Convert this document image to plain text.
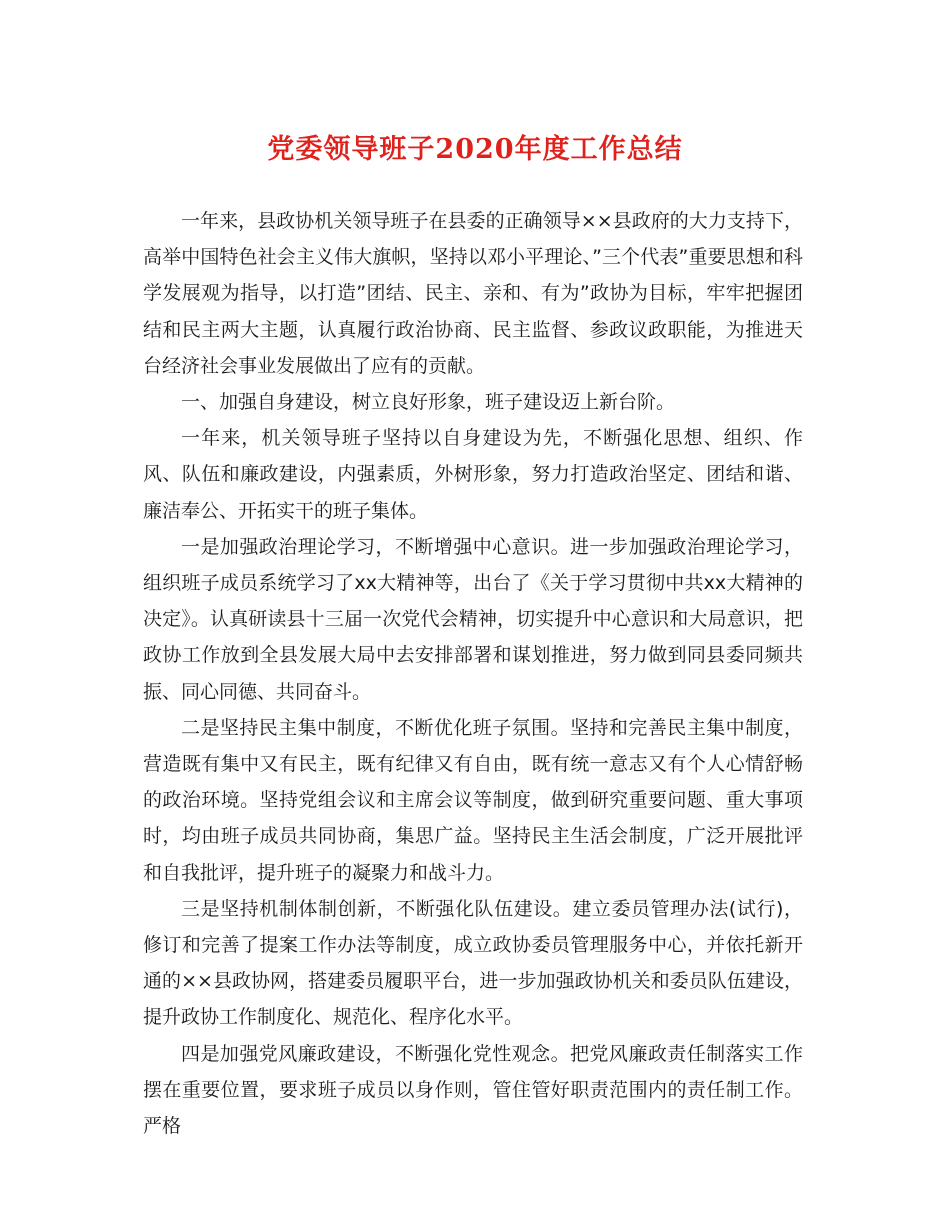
党委领导班子2020年度工作总结

一年来，县政协机关领导班子在县委的正确领导××县政府的大力支持下，高举中国特色社会主义伟大旗帜，坚持以邓小平理论、”三个代表”重要思想和科学发展观为指导，以打造”团结、民主、亲和、有为”政协为目标，牢牢把握团结和民主两大主题，认真履行政治协商、民主监督、参政议政职能，为推进天台经济社会事业发展做出了应有的贡献。

一、加强自身建设，树立良好形象，班子建设迈上新台阶。

一年来，机关领导班子坚持以自身建设为先，不断强化思想、组织、作风、队伍和廉政建设，内强素质，外树形象，努力打造政治坚定、团结和谐、廉洁奉公、开拓实干的班子集体。

一是加强政治理论学习，不断增强中心意识。进一步加强政治理论学习，组织班子成员系统学习了xx大精神等，出台了《关于学习贯彻中共xx大精神的决定》。认真研读县十三届一次党代会精神，切实提升中心意识和大局意识，把政协工作放到全县发展大局中去安排部署和谋划推进，努力做到同县委同频共振、同心同德、共同奋斗。

二是坚持民主集中制度，不断优化班子氛围。坚持和完善民主集中制度，营造既有集中又有民主，既有纪律又有自由，既有统一意志又有个人心情舒畅的政治环境。坚持党组会议和主席会议等制度，做到研究重要问题、重大事项时，均由班子成员共同协商，集思广益。坚持民主生活会制度，广泛开展批评和自我批评，提升班子的凝聚力和战斗力。

三是坚持机制体制创新，不断强化队伍建设。建立委员管理办法(试行)，修订和完善了提案工作办法等制度，成立政协委员管理服务中心，并依托新开通的××县政协网，搭建委员履职平台，进一步加强政协机关和委员队伍建设，提升政协工作制度化、规范化、程序化水平。

四是加强党风廉政建设，不断强化党性观念。把党风廉政责任制落实工作摆在重要位置，要求班子成员以身作则，管住管好职责范围内的责任制工作。严格
